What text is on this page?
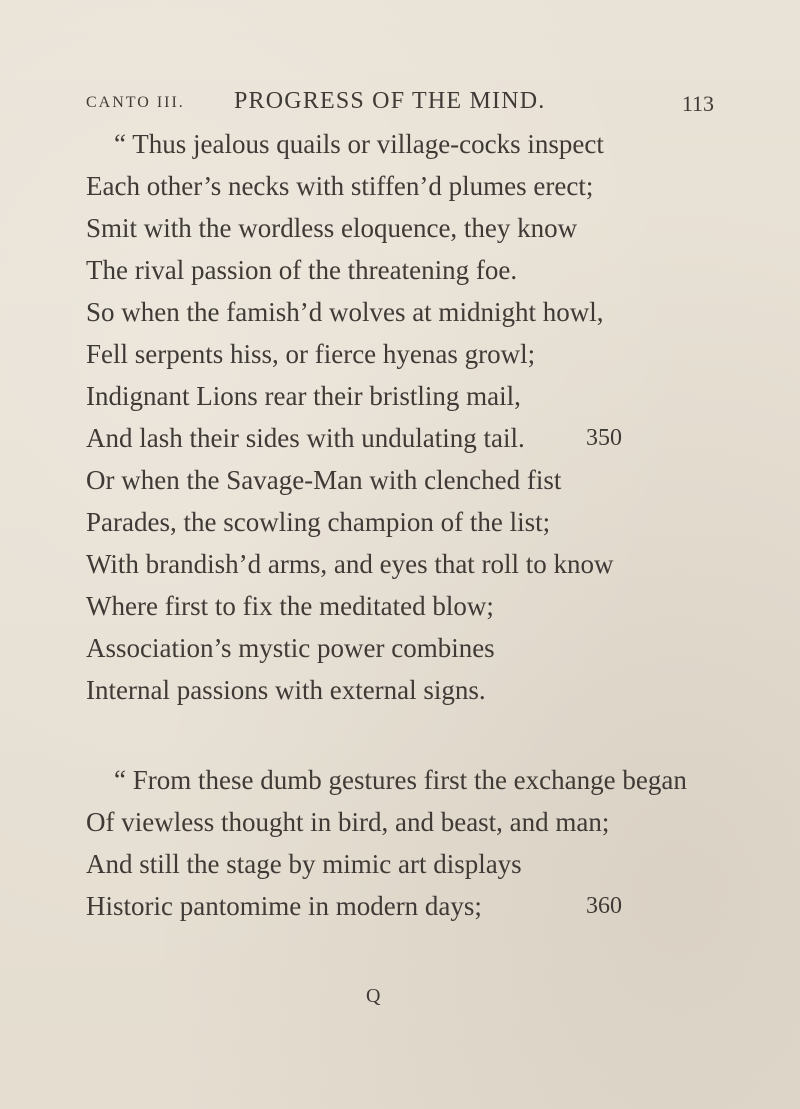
CANTO III. PROGRESS OF THE MIND.	113
“ Thus jealous quails or village-cocks inspect
Each other’s necks with stiffen’d plumes erect;
Smit with the wordless eloquence, they know
The rival passion of the threatening foe.
So when the famish’d wolves at midnight howl,
Fell serpents hiss, or fierce hyenas growl;
Indignant Lions rear their bristling mail,
And lash their sides with undulating tail.	350
Or when the Savage-Man with clenched fist
Parades, the scowling champion of the list;
With brandish’d arms, and eyes that roll to know
Where first to fix the meditated blow;
Association’s mystic power combines
Internal passions with external signs.
“ From these dumb gestures first the exchange began
Of viewless thought in bird, and beast, and man;
And still the stage by mimic art displays
Historic pantomime in modern days;	360
Q
